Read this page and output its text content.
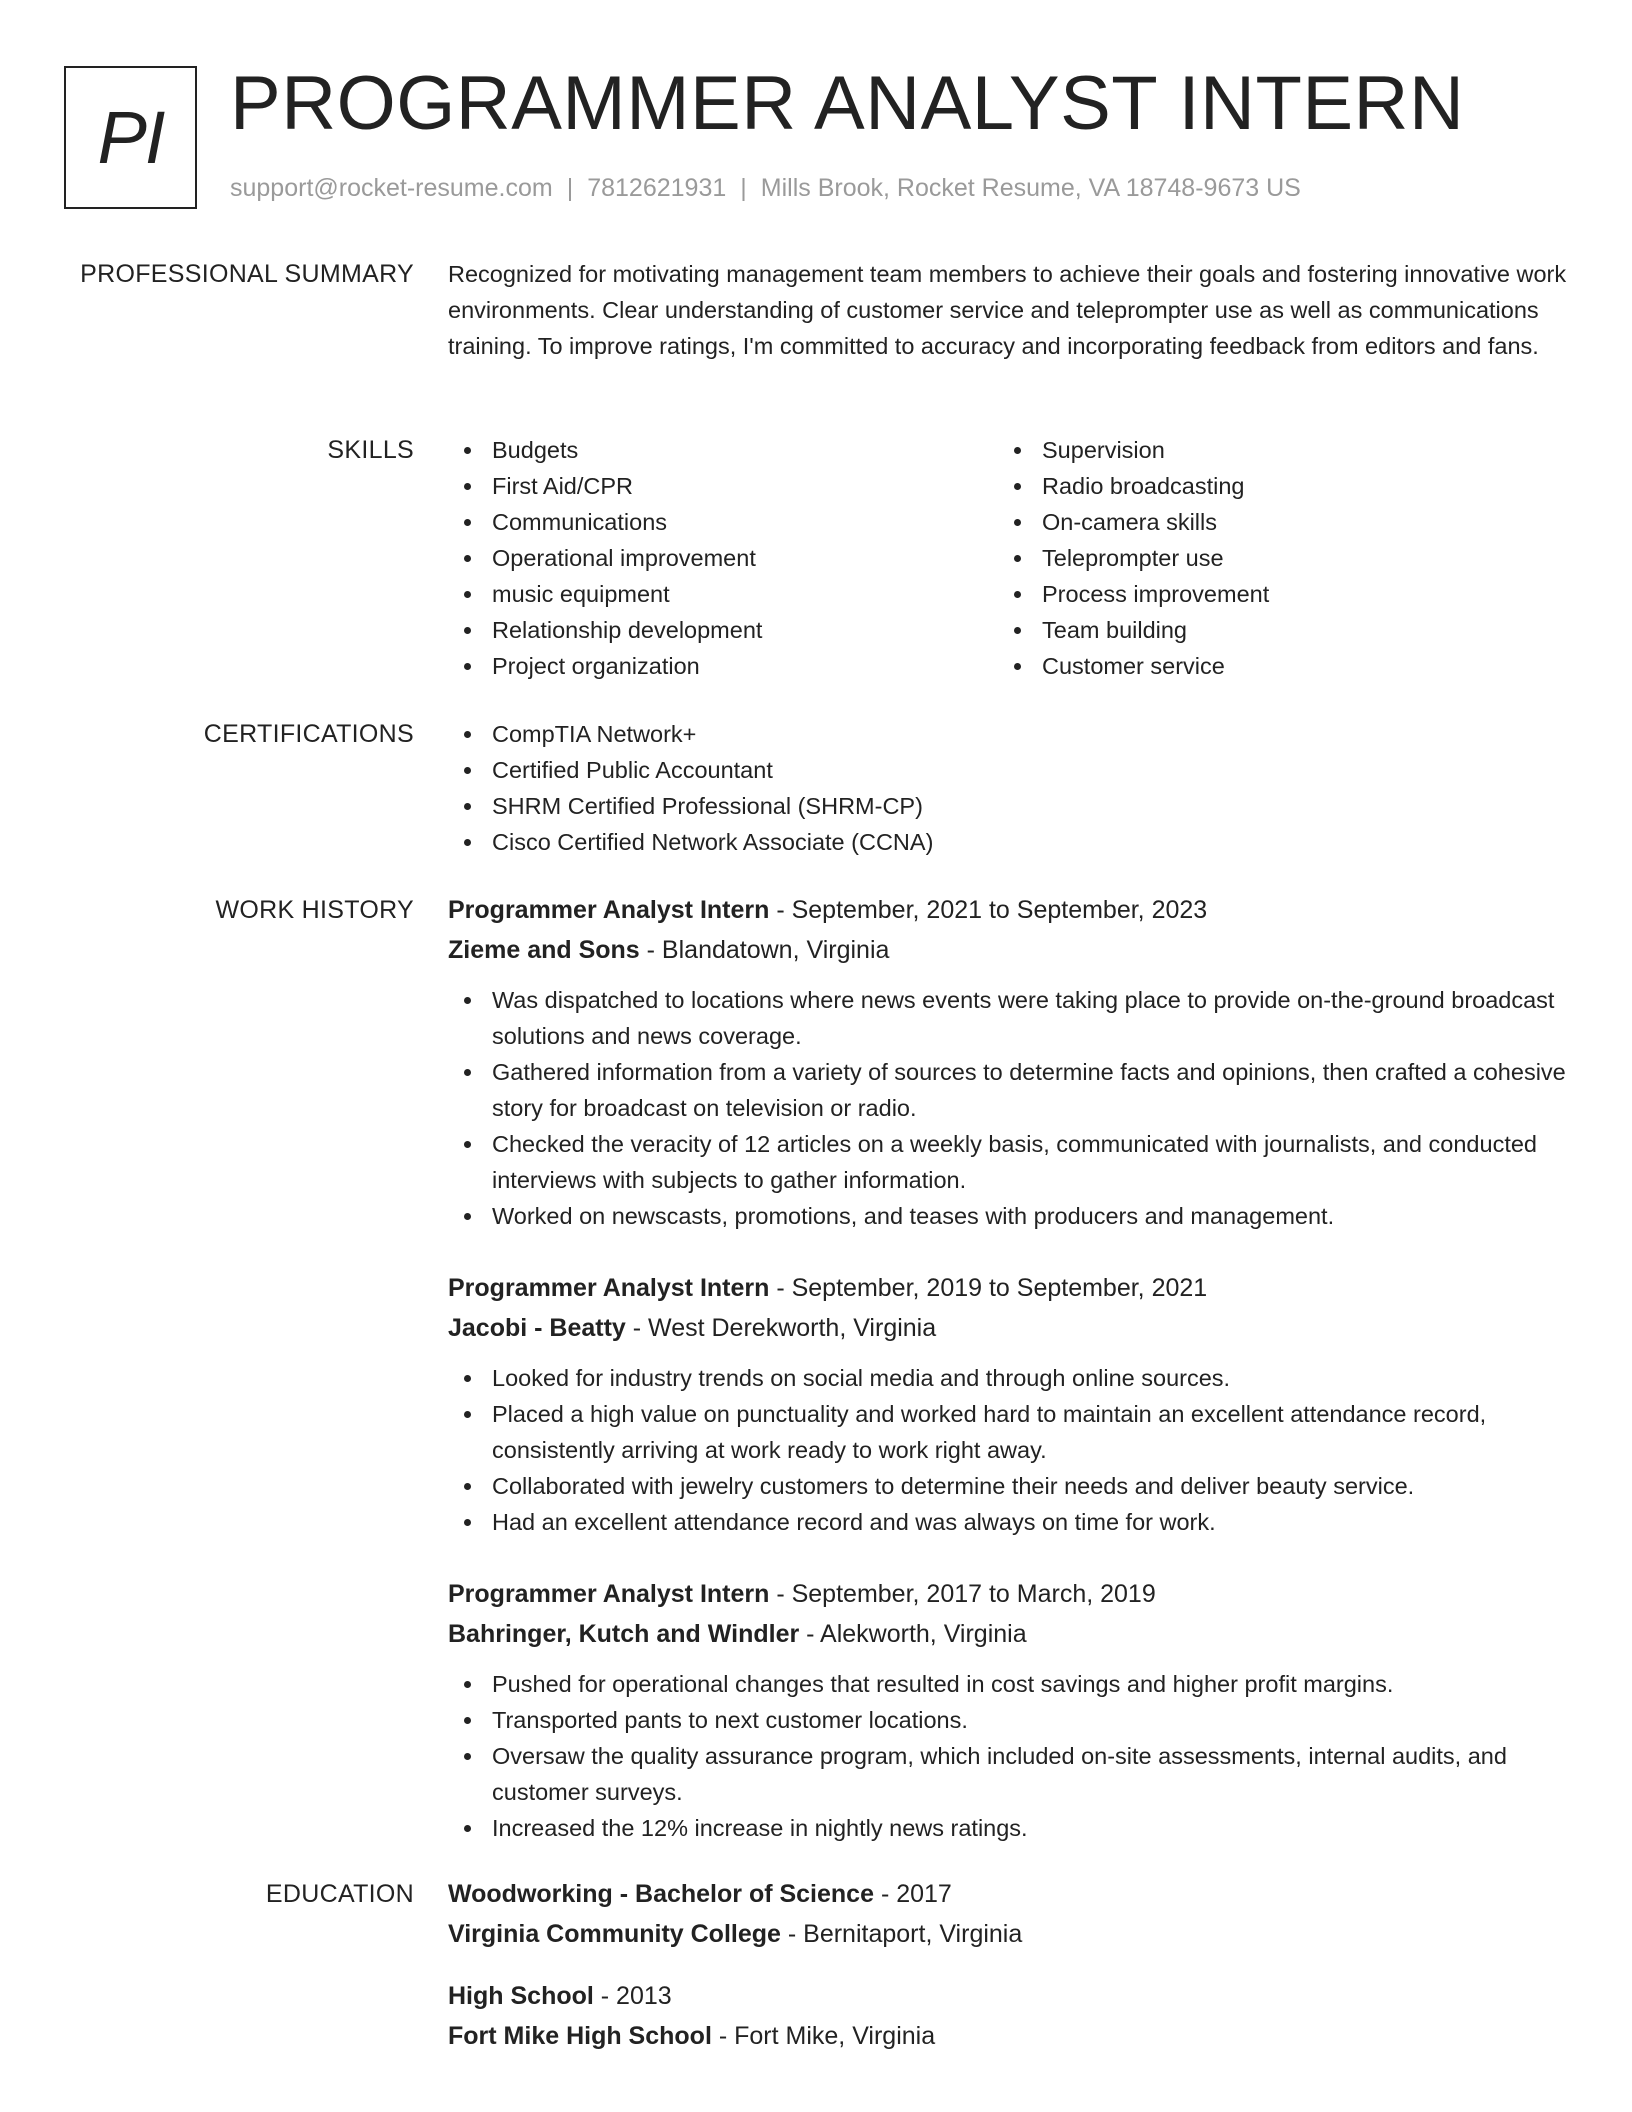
PI PROGRAMMER ANALYST INTERN
support@rocket-resume.com | 7812621931 | Mills Brook, Rocket Resume, VA 18748-9673 US
PROFESSIONAL SUMMARY Recognized for motivating management team members to achieve their goals and fostering innovative work environments. Clear understanding of customer service and teleprompter use as well as communications training. To improve ratings, I'm committed to accuracy and incorporating feedback from editors and fans.
SKILLS	Budgets
First Aid/CPR
Communications
Operational improvement
music equipment
Relationship development
Project organization
Supervision
Radio broadcasting
On-camera skills
Teleprompter use
Process improvement
Team building
Customer service
CERTIFICATIONS	CompTIA Network+
Certified Public Accountant
SHRM Certified Professional (SHRM-CP)
Cisco Certified Network Associate (CCNA)
WORK HISTORY Programmer Analyst Intern - September, 2021 to September, 2023
Zieme and Sons - Blandatown, Virginia
Was dispatched to locations where news events were taking place to provide on-the-ground broadcast solutions and news coverage.
Gathered information from a variety of sources to determine facts and opinions, then crafted a cohesive story for broadcast on television or radio.
Checked the veracity of 12 articles on a weekly basis, communicated with journalists, and conducted interviews with subjects to gather information.
Worked on newscasts, promotions, and teases with producers and management.
Programmer Analyst Intern - September, 2019 to September, 2021
Jacobi - Beatty - West Derekworth, Virginia
Looked for industry trends on social media and through online sources.
Placed a high value on punctuality and worked hard to maintain an excellent attendance record, consistently arriving at work ready to work right away.
Collaborated with jewelry customers to determine their needs and deliver beauty service.
Had an excellent attendance record and was always on time for work.
Programmer Analyst Intern - September, 2017 to March, 2019
Bahringer, Kutch and Windler - Alekworth, Virginia
Pushed for operational changes that resulted in cost savings and higher profit margins.
Transported pants to next customer locations.
Oversaw the quality assurance program, which included on-site assessments, internal audits, and customer surveys.
Increased the 12% increase in nightly news ratings.
EDUCATION Woodworking - Bachelor of Science - 2017
Virginia Community College - Bernitaport, Virginia
High School - 2013
Fort Mike High School - Fort Mike, Virginia
